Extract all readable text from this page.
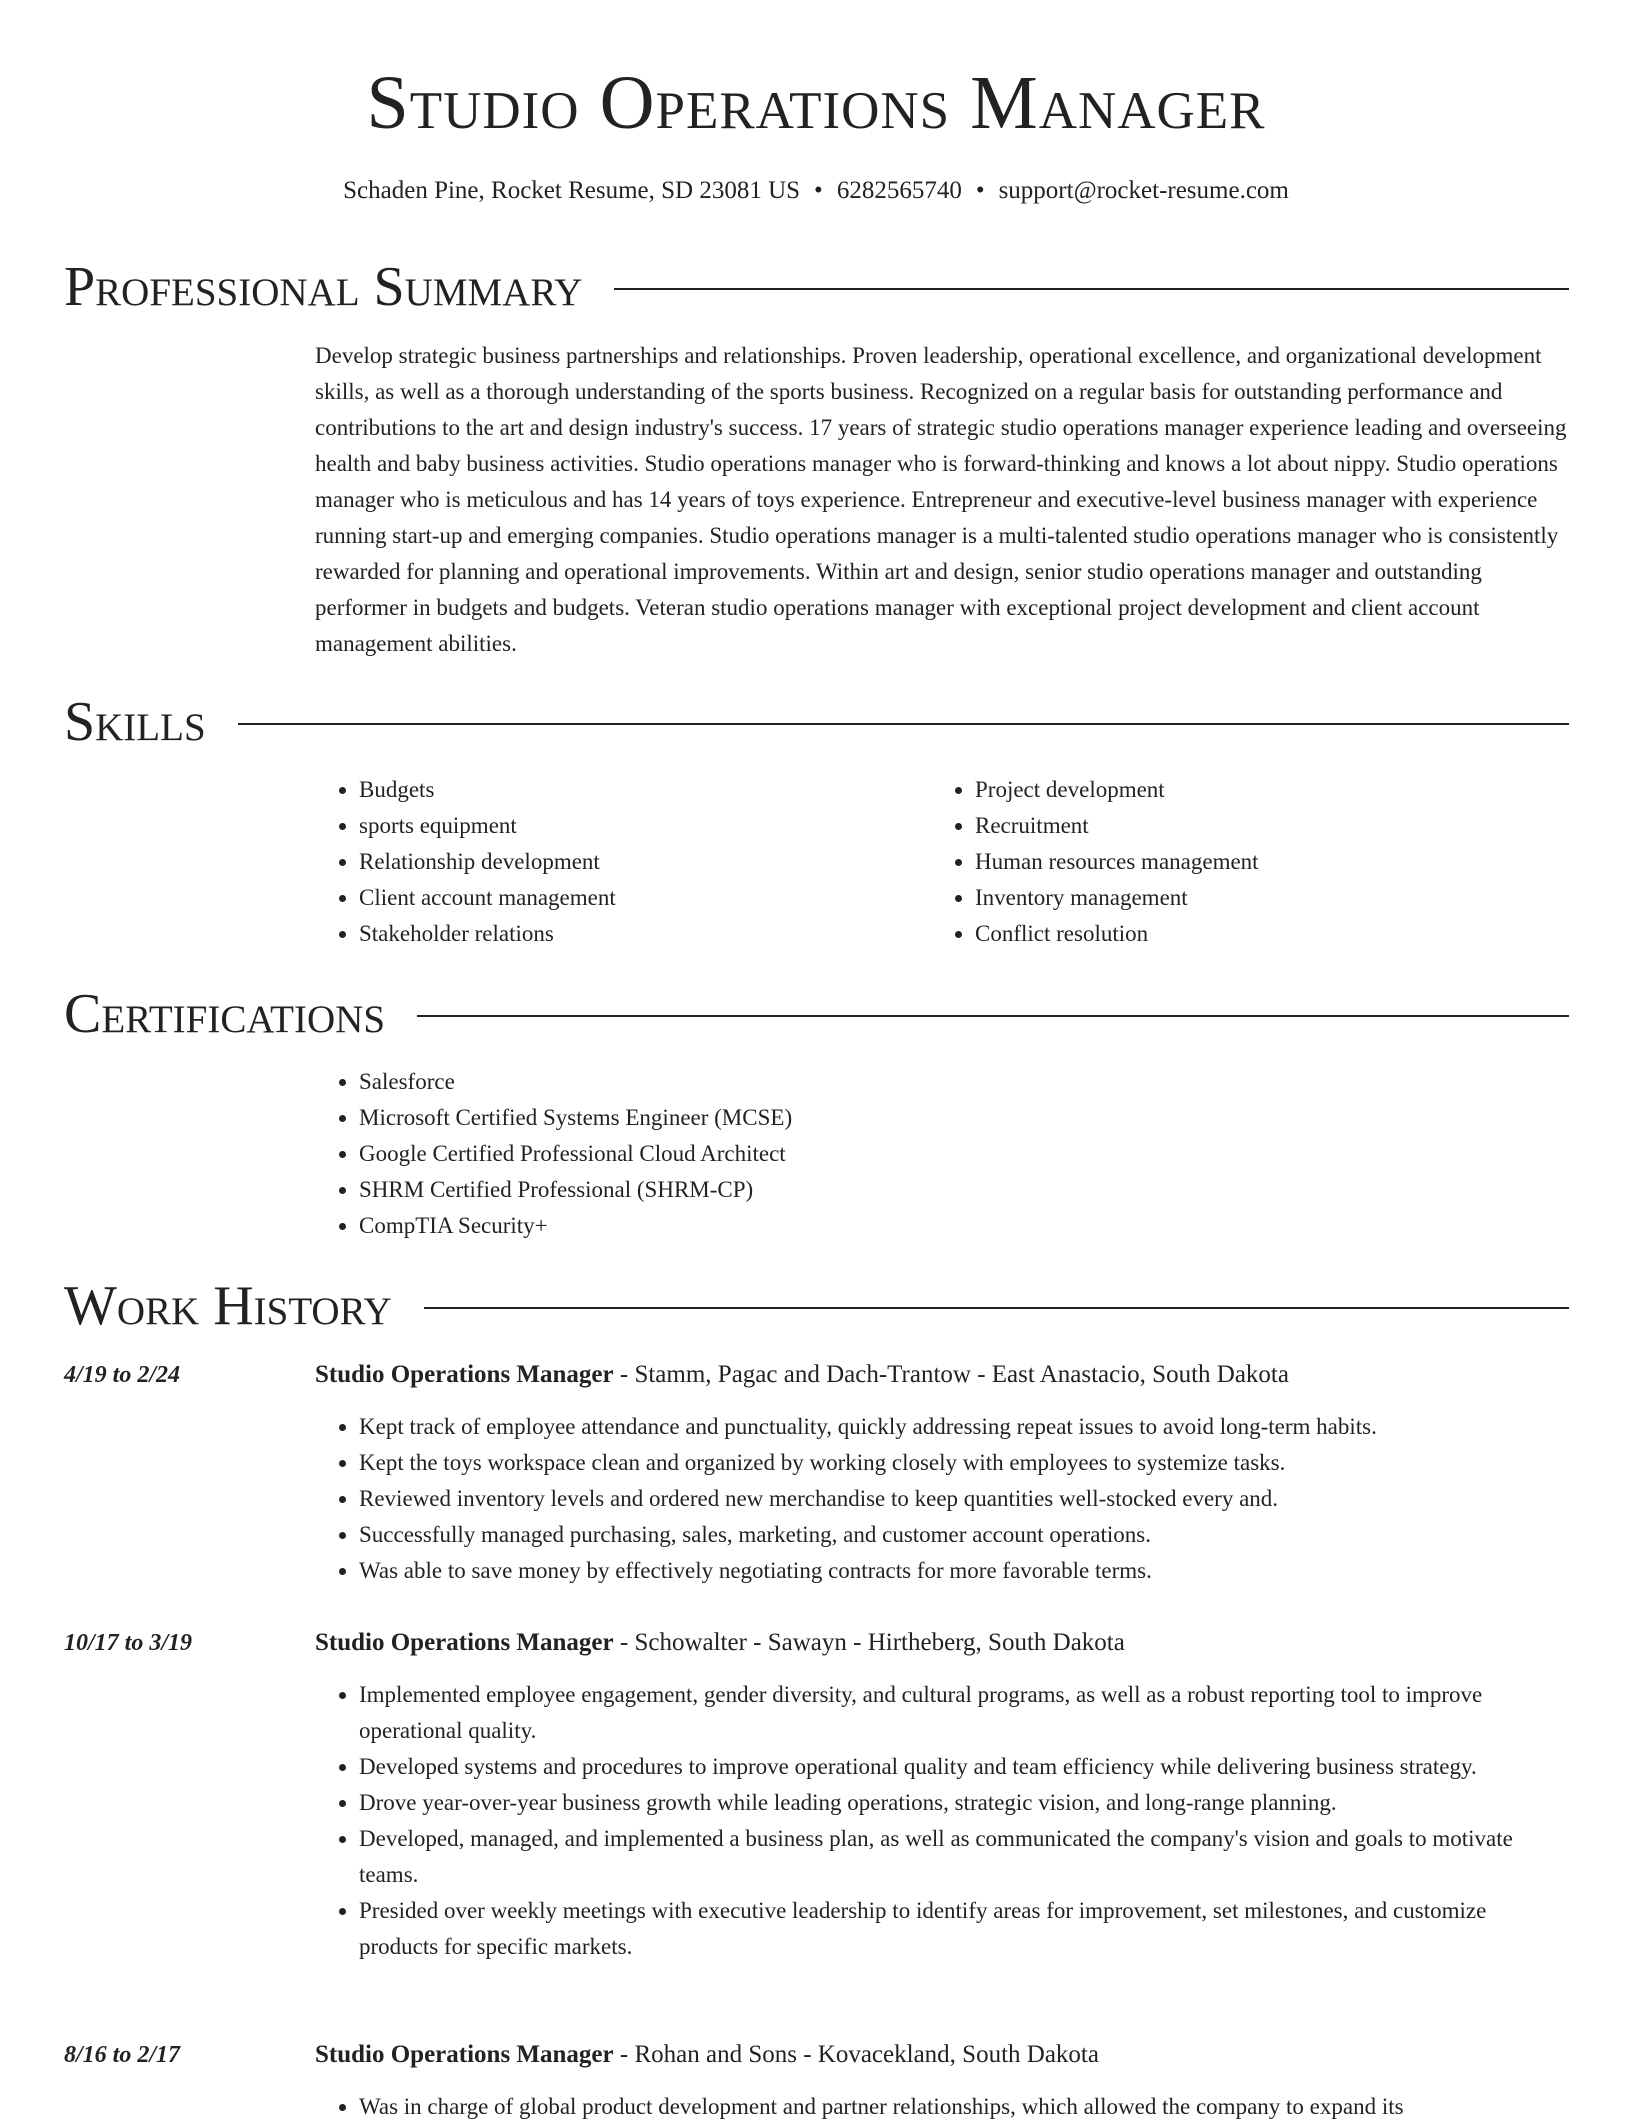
Studio Operations Manager
Schaden Pine, Rocket Resume, SD 23081 US • 6282565740 • support@rocket-resume.com
Professional Summary

Develop strategic business partnerships and relationships. Proven leadership, operational excellence, and organizational development skills, as well as a thorough understanding of the sports business. Recognized on a regular basis for outstanding performance and contributions to the art and design industry's success. 17 years of strategic studio operations manager experience leading and overseeing health and baby business activities. Studio operations manager who is forward-thinking and knows a lot about nippy. Studio operations manager who is meticulous and has 14 years of toys experience. Entrepreneur and executive-level business manager with experience running start-up and emerging companies. Studio operations manager is a multi-talented studio operations manager who is consistently rewarded for planning and operational improvements. Within art and design, senior studio operations manager and outstanding performer in budgets and budgets. Veteran studio operations manager with exceptional project development and client account management abilities.

Skills
• Budgets
• sports equipment
• Relationship development
• Client account management
• Stakeholder relations
• Project development
• Recruitment
• Human resources management
• Inventory management
• Conflict resolution
Certifications
• Salesforce
• Microsoft Certified Systems Engineer (MCSE)
• Google Certified Professional Cloud Architect
• SHRM Certified Professional (SHRM-CP)
• CompTIA Security+
Work History
4/19 to 2/24	Studio Operations Manager - Stamm, Pagac and Dach-Trantow - East Anastacio, South Dakota
• Kept track of employee attendance and punctuality, quickly addressing repeat issues to avoid long-term habits.
• Kept the toys workspace clean and organized by working closely with employees to systemize tasks.
• Reviewed inventory levels and ordered new merchandise to keep quantities well-stocked every and.
• Successfully managed purchasing, sales, marketing, and customer account operations.
• Was able to save money by effectively negotiating contracts for more favorable terms.
10/17 to 3/19	Studio Operations Manager - Schowalter - Sawayn - Hirtheberg, South Dakota
• Implemented employee engagement, gender diversity, and cultural programs, as well as a robust reporting tool to improve operational quality.
• Developed systems and procedures to improve operational quality and team efficiency while delivering business strategy.
• Drove year-over-year business growth while leading operations, strategic vision, and long-range planning.
• Developed, managed, and implemented a business plan, as well as communicated the company's vision and goals to motivate teams.
• Presided over weekly meetings with executive leadership to identify areas for improvement, set milestones, and customize products for specific markets.
8/16 to 2/17	Studio Operations Manager - Rohan and Sons - Kovacekland, South Dakota
• Was in charge of global product development and partner relationships, which allowed the company to expand its
